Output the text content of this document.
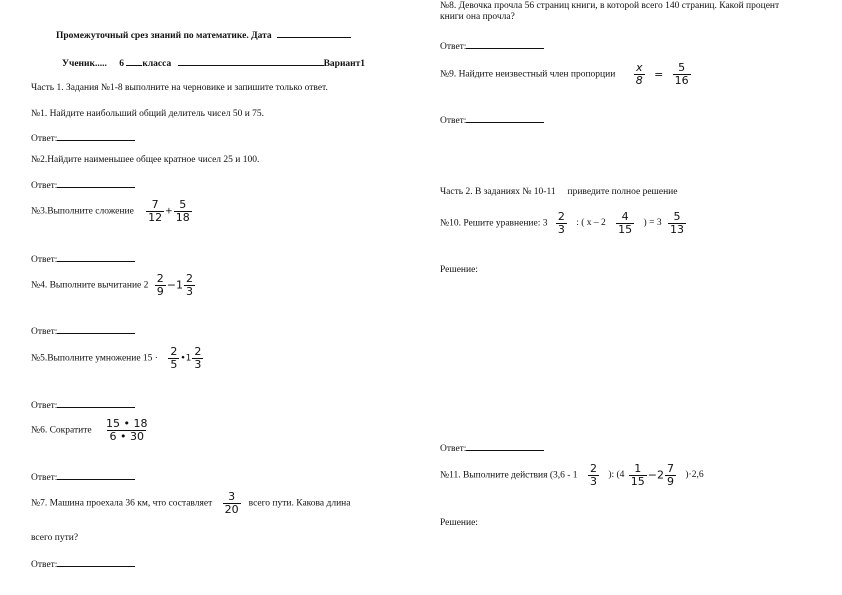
Промежуточный срез знаний по математике. Дата
Ученик..... 6 класса	Вариант1
Часть 1. Задания №1-8 выполните на черновике и запишите только ответ.
№1. Найдите наибольший общий делитель чисел 50 и 75.
Ответ:
№2.Найдите наименьшее общее кратное чисел 25 и 100.
Ответ:
№3.Выполните сложение $\frac{7}{12} + \frac{5}{18}$
Ответ:
№4. Выполните вычитание $2 \frac{2}{9} -1 \frac{2}{3}$
Ответ:
№5.Выполните умножение $15 \cdot \frac{2}{5}$ •1 $\frac{2}{3}$
Ответ:
№6. Сократите $\frac{15 • 18}{6 • 30}$
Ответ:
№7. Машина проехала 36 км, что составляет $\frac{3}{20}$ всего пути. Какова длина
всего пути?
Ответ:
№8. Девочка прочла 56 страниц книги, в которой всего 140 страниц. Какой процент книги она прочла?
Ответ:
№9. Найдите неизвестный член пропорции $\frac{x}{8} = \frac{5}{16}$
Ответ:
Часть 2. В заданиях № 10-11     приведите полное решение
№10. Решите уравнение: $3 \frac{2}{3}$ : ( x – $2 \frac{4}{15}$ ) = $3 \frac{5}{13}$
Решение:
Ответ:
№11. Выполните действия ($3,6 - 1 \frac{2}{3}$ ): $(4 \frac{1}{15} -2 \frac{7}{9} )\cdot 2,6$
Решение:
